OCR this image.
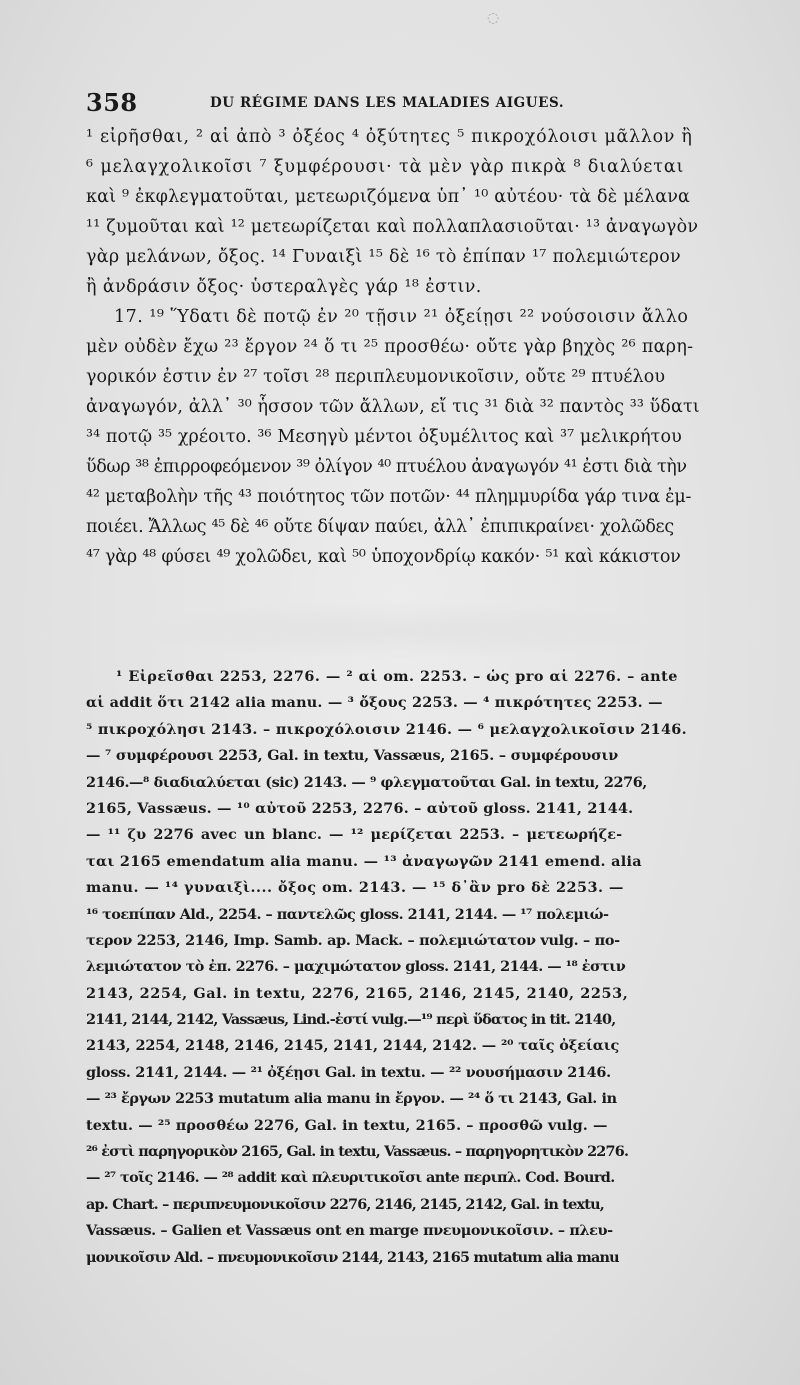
◌
358	DU RÉGIME DANS LES MALADIES AIGUES.
¹ εἰρῆσθαι, ² αἱ ἀπὸ ³ ὀξέος ⁴ ὀξύτητες ⁵ πικροχόλοισι μᾶλλον ἢ
⁶ μελαγχολικοῖσι ⁷ ξυμφέρουσι· τὰ μὲν γὰρ πικρὰ ⁸ διαλύεται
καὶ ⁹ ἐκφλεγματοῦται, μετεωριζόμενα ὑπ᾽ ¹⁰ αὐτέου· τὰ δὲ μέλανα
¹¹ ζυμοῦται καὶ ¹² μετεωρίζεται καὶ πολλαπλασιοῦται· ¹³ ἀναγωγὸν
γὰρ μελάνων, ὄξος. ¹⁴ Γυναιξὶ ¹⁵ δὲ ¹⁶ τὸ ἐπίπαν ¹⁷ πολεμιώτερον
ἢ ἀνδράσιν ὄξος· ὑστεραλγὲς γάρ ¹⁸ ἐστιν.
17. ¹⁹ Ὕδατι δὲ ποτῷ ἐν ²⁰ τῇσιν ²¹ ὀξείῃσι ²² νούσοισιν ἄλλο
μὲν οὐδὲν ἔχω ²³ ἔργον ²⁴ ὅ τι ²⁵ προσθέω· οὔτε γὰρ βηχὸς ²⁶ παρη-
γορικόν ἐστιν ἐν ²⁷ τοῖσι ²⁸ περιπλευμονικοῖσιν, οὔτε ²⁹ πτυέλου
ἀναγωγόν, ἀλλ᾽ ³⁰ ἧσσον τῶν ἄλλων, εἴ τις ³¹ διὰ ³² παντὸς ³³ ὕδατι
³⁴ ποτῷ ³⁵ χρέοιτο. ³⁶ Μεσηγὺ μέντοι ὀξυμέλιτος καὶ ³⁷ μελικρήτου
ὕδωρ ³⁸ ἐπιρροφεόμενον ³⁹ ὀλίγον ⁴⁰ πτυέλου ἀναγωγόν ⁴¹ ἐστι διὰ τὴν
⁴² μεταβολὴν τῆς ⁴³ ποιότητος τῶν ποτῶν· ⁴⁴ πλημμυρίδα γάρ τινα ἐμ-
ποιέει. Ἄλλως ⁴⁵ δὲ ⁴⁶ οὔτε δίψαν παύει, ἀλλ᾽ ἐπιπικραίνει· χολῶδες
⁴⁷ γὰρ ⁴⁸ φύσει ⁴⁹ χολῶδει, καὶ ⁵⁰ ὑποχονδρίῳ κακόν· ⁵¹ καὶ κάκιστον
¹ Εἰρεῖσθαι 2253, 2276. — ² αἱ om. 2253. – ὡς pro αἱ 2276. – ante
αἱ addit ὅτι 2142 alia manu. — ³ ὄξους 2253. — ⁴ πικρότητες 2253. —
⁵ πικροχόλησι 2143. – πικροχόλοισιν 2146. — ⁶ μελαγχολικοῖσιν 2146.
— ⁷ συμφέρουσι 2253, Gal. in textu, Vassæus, 2165. – συμφέρουσιν
2146.—⁸ διαδιαλύεται (sic) 2143. — ⁹ φλεγματοῦται Gal. in textu, 2276,
2165, Vassæus. — ¹⁰ αὐτοῦ 2253, 2276. – αὐτοῦ gloss. 2141, 2144.
— ¹¹ ζυ 2276 avec un blanc. — ¹² μερίζεται 2253. – μετεωρήζε-
ται 2165 emendatum alia manu. — ¹³ ἀναγωγῶν 2141 emend. alia
manu. — ¹⁴ γυναιξὶ.... ὄξος om. 2143. — ¹⁵ δ᾽ἂν pro δὲ 2253. —
¹⁶ τοεπίπαν Ald., 2254. – παντελῶς gloss. 2141, 2144. — ¹⁷ πολεμιώ-
τερον 2253, 2146, Imp. Samb. ap. Mack. – πολεμιώτατον vulg. – πο-
λεμιώτατον τὸ ἐπ. 2276. – μαχιμώτατον gloss. 2141, 2144. — ¹⁸ ἐστιν
2143, 2254, Gal. in textu, 2276, 2165, 2146, 2145, 2140, 2253,
2141, 2144, 2142, Vassæus, Lind.-ἐστί vulg.—¹⁹ περὶ ὕδατος in tit. 2140,
2143, 2254, 2148, 2146, 2145, 2141, 2144, 2142. — ²⁰ ταῖς ὀξείαις
gloss. 2141, 2144. — ²¹ ὀξέῃσι Gal. in textu. — ²² νουσήμασιν 2146.
— ²³ ἔργων 2253 mutatum alia manu in ἔργον. — ²⁴ ὅ τι 2143, Gal. in
textu. — ²⁵ προσθέω 2276, Gal. in textu, 2165. – προσθῶ vulg. —
²⁶ ἐστὶ παρηγορικὸν 2165, Gal. in textu, Vassæus. – παρηγορητικὸν 2276.
— ²⁷ τοῖς 2146. — ²⁸ addit καὶ πλευριτικοῖσι ante περιπλ. Cod. Bourd.
ap. Chart. – περιπνευμονικοῖσιν 2276, 2146, 2145, 2142, Gal. in textu,
Vassæus. – Galien et Vassæus ont en marge πνευμονικοῖσιν. – πλευ-
μονικοῖσιν Ald. – πνευμονικοῖσιν 2144, 2143, 2165 mutatum alia manu
